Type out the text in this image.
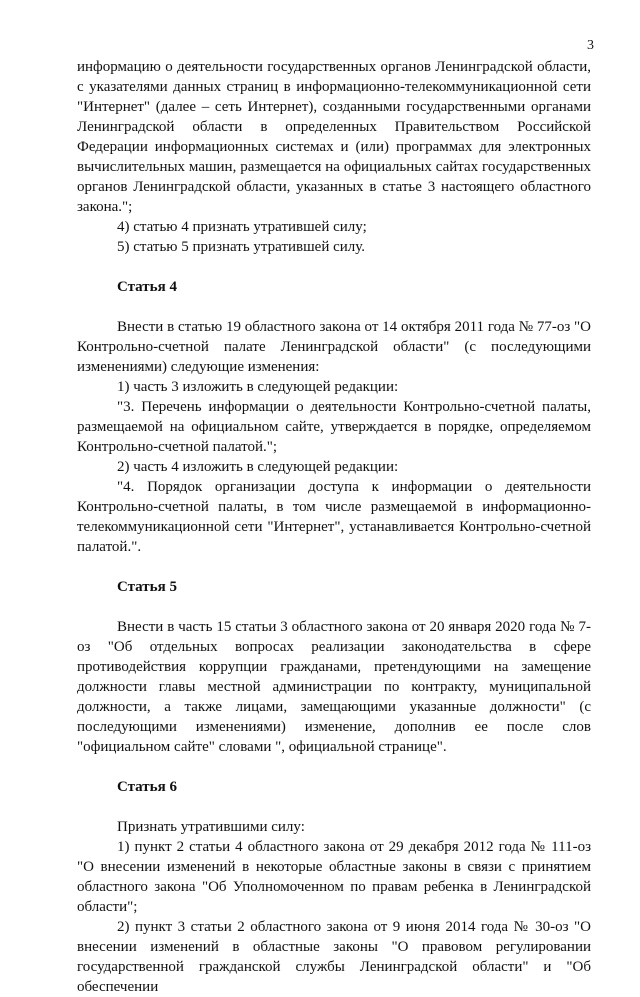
3

информацию о деятельности государственных органов Ленинградской области, с указателями данных страниц в информационно-телекоммуникационной сети "Интернет" (далее – сеть Интернет), созданными государственными органами Ленинградской области в определенных Правительством Российской Федерации информационных системах и (или) программах для электронных вычислительных машин, размещается на официальных сайтах государственных органов Ленинградской области, указанных в статье 3 настоящего областного закона.";

4) статью 4 признать утратившей силу;

5) статью 5 признать утратившей силу.

Статья 4

Внести в статью 19 областного закона от 14 октября 2011 года № 77-оз "О Контрольно-счетной палате Ленинградской области" (с последующими изменениями) следующие изменения:

1) часть 3 изложить в следующей редакции:

"3. Перечень информации о деятельности Контрольно-счетной палаты, размещаемой на официальном сайте, утверждается в порядке, определяемом Контрольно-счетной палатой.";

2) часть 4 изложить в следующей редакции:

"4. Порядок организации доступа к информации о деятельности Контрольно-счетной палаты, в том числе размещаемой в информационно-телекоммуникационной сети "Интернет", устанавливается Контрольно-счетной палатой.".

Статья 5

Внести в часть 15 статьи 3 областного закона от 20 января 2020 года № 7-оз "Об отдельных вопросах реализации законодательства в сфере противодействия коррупции гражданами, претендующими на замещение должности главы местной администрации по контракту, муниципальной должности, а также лицами, замещающими указанные должности" (с последующими изменениями) изменение, дополнив ее после слов "официальном сайте" словами ", официальной странице".

Статья 6

Признать утратившими силу:

1) пункт 2 статьи 4 областного закона от 29 декабря 2012 года № 111-оз "О внесении изменений в некоторые областные законы в связи с принятием областного закона "Об Уполномоченном по правам ребенка в Ленинградской области";

2) пункт 3 статьи 2 областного закона от 9 июня 2014 года № 30-оз "О внесении изменений в областные законы "О правовом регулировании государственной гражданской службы Ленинградской области" и "Об обеспечении
